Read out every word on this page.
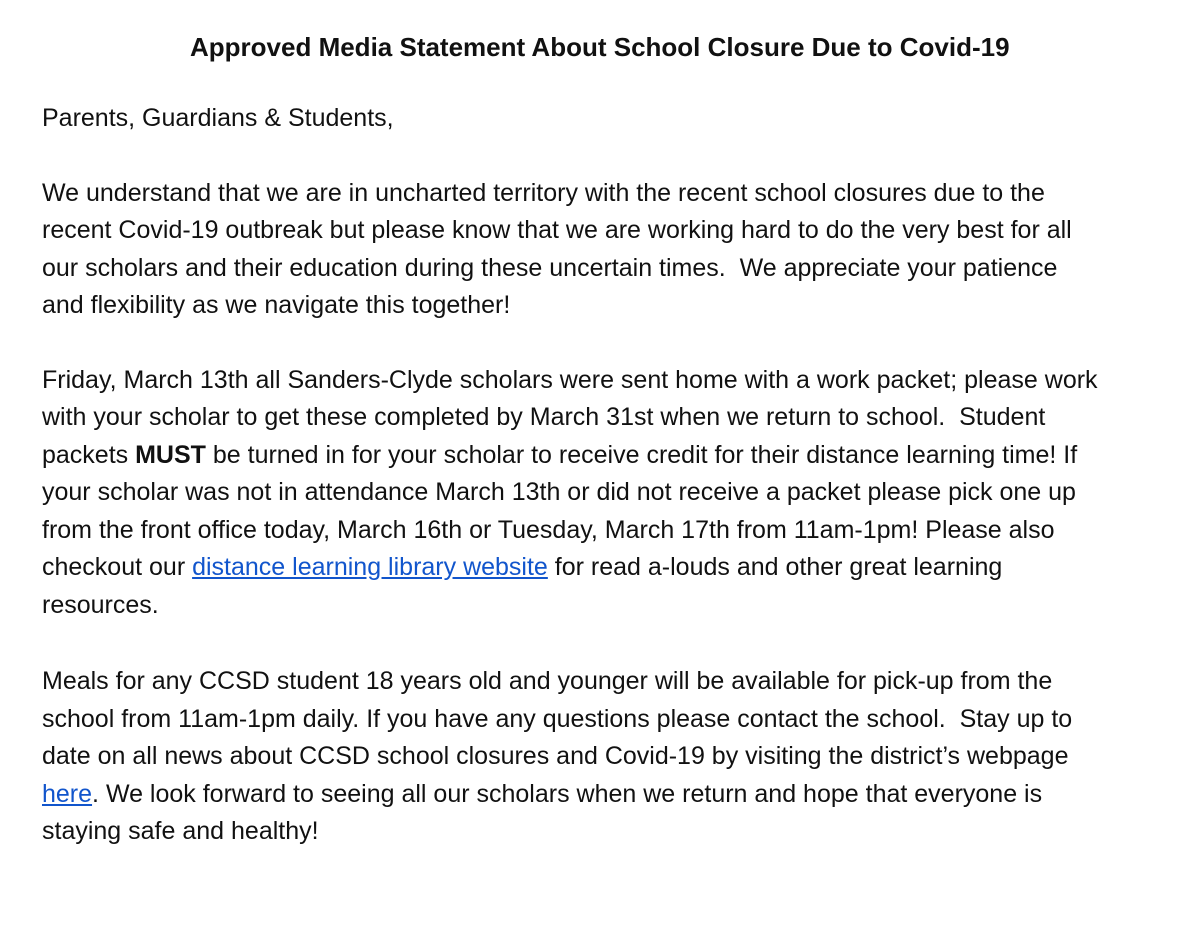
Approved Media Statement About School Closure Due to Covid-19

Parents, Guardians & Students,

We understand that we are in uncharted territory with the recent school closures due to the
recent Covid-19 outbreak but please know that we are working hard to do the very best for all
our scholars and their education during these uncertain times.  We appreciate your patience
and flexibility as we navigate this together!

Friday, March 13th all Sanders-Clyde scholars were sent home with a work packet; please work
with your scholar to get these completed by March 31st when we return to school.  Student
packets MUST be turned in for your scholar to receive credit for their distance learning time! If
your scholar was not in attendance March 13th or did not receive a packet please pick one up
from the front office today, March 16th or Tuesday, March 17th from 11am-1pm! Please also
checkout our distance learning library website for read a-louds and other great learning
resources.

Meals for any CCSD student 18 years old and younger will be available for pick-up from the
school from 11am-1pm daily. If you have any questions please contact the school.  Stay up to
date on all news about CCSD school closures and Covid-19 by visiting the district’s webpage
here. We look forward to seeing all our scholars when we return and hope that everyone is
staying safe and healthy!
